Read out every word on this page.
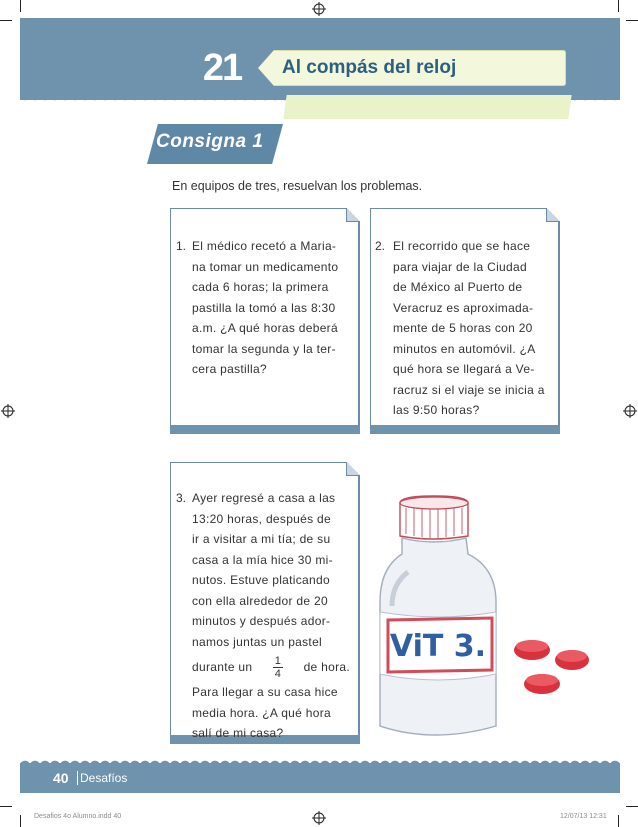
21	Al compás del reloj
Consigna 1
En equipos de tres, resuelvan los problemas.
1. El médico recetó a Maria-
na tomar un medicamento
cada 6 horas; la primera
pastilla la tomó a las 8:30
a.m. ¿A qué horas deberá
tomar la segunda y la ter-
cera pastilla?
2. El recorrido que se hace
para viajar de la Ciudad
de México al Puerto de
Veracruz es aproximada-
mente de 5 horas con 20
minutos en automóvil. ¿A
qué hora se llegará a Ve-
racruz si el viaje se inicia a
las 9:50 horas?
3. Ayer regresé a casa a las
13:20 horas, después de
ir a visitar a mi tía; de su
casa a la mía hice 30 mi-
nutos. Estuve platicando
con ella alrededor de 20
minutos y después ador-
namos juntas un pastel
durante un $\frac{1}{4}$ de hora.
Para llegar a su casa hice
media hora. ¿A qué hora
salí de mi casa?
ViT 3.
40 Desafíos
Desafios 4o Alumno.indd 40	12/07/13 12:31
